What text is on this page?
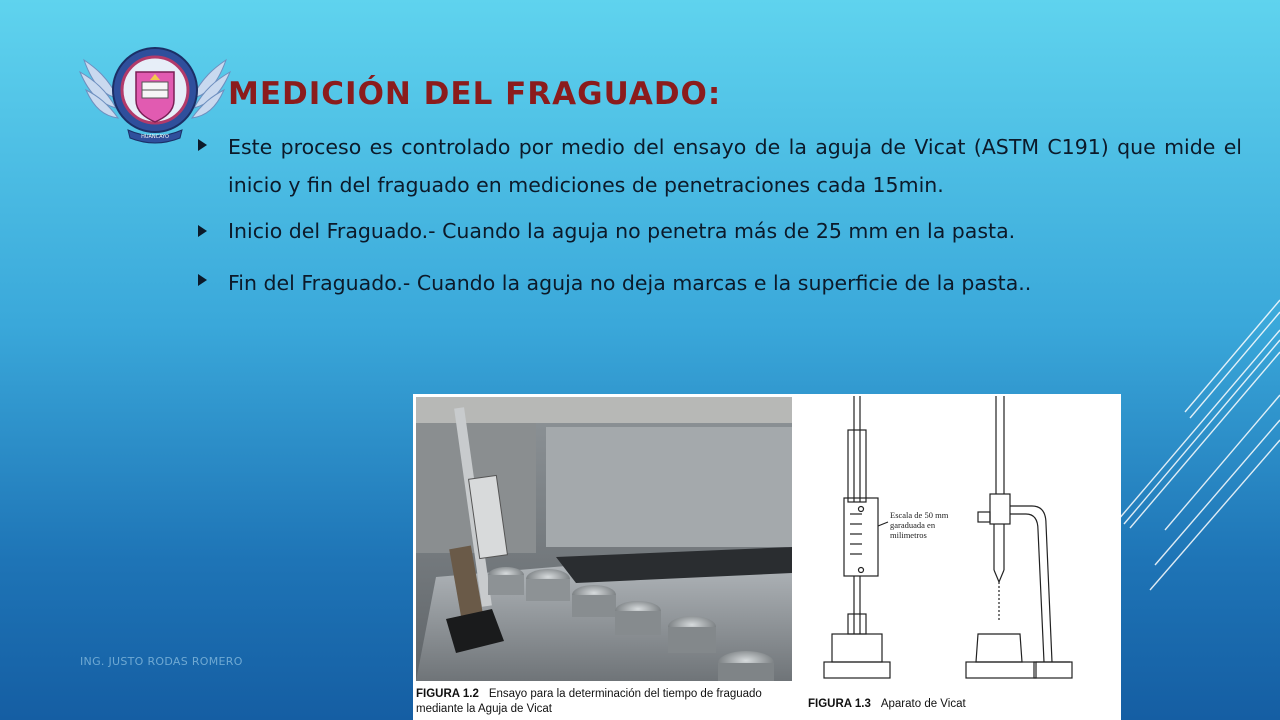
HUANCAYO
MEDICIÓN DEL FRAGUADO:
Este proceso es controlado por medio del ensayo de la aguja de Vicat (ASTM C191) que mide el inicio y fin del fraguado en mediciones de penetraciones cada 15min.
Inicio del Fraguado.- Cuando la aguja no penetra más de 25 mm en la pasta.
Fin del Fraguado.- Cuando la aguja no deja marcas e la superficie de la pasta..
ING. JUSTO RODAS ROMERO
FIGURA 1.2 Ensayo para la determinación del tiempo de fraguado mediante la Aguja de Vicat
Escala de 50 mm
garaduada en
milimetros
FIGURA 1.3 Aparato de Vicat
